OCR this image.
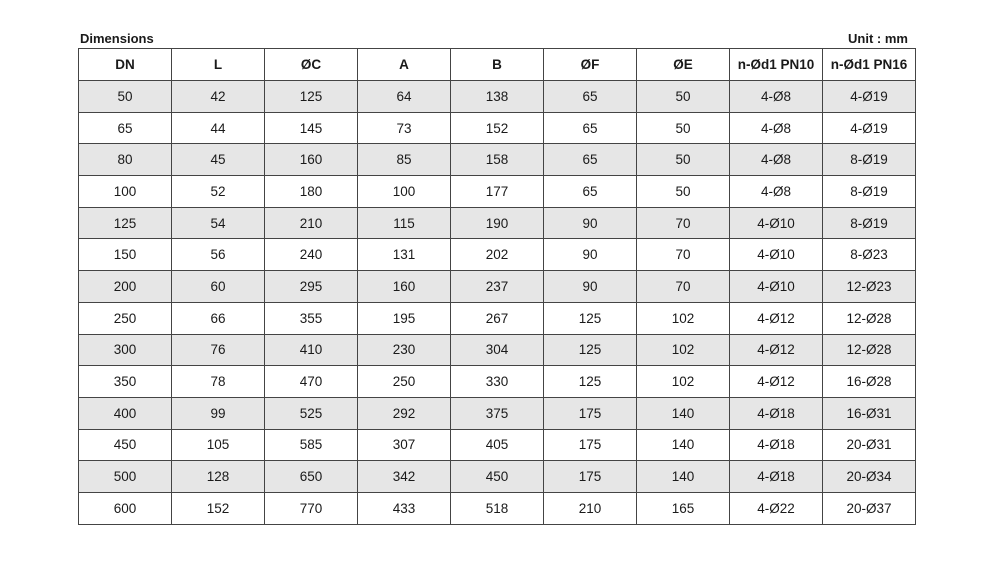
Dimensions	Unit : mm
DN	L	ØC	A	B	ØF	ØE	n-Ød1 PN10	n-Ød1 PN16
50	42	125	64	138	65	50	4-Ø8	4-Ø19
65	44	145	73	152	65	50	4-Ø8	4-Ø19
80	45	160	85	158	65	50	4-Ø8	8-Ø19
100	52	180	100	177	65	50	4-Ø8	8-Ø19
125	54	210	115	190	90	70	4-Ø10	8-Ø19
150	56	240	131	202	90	70	4-Ø10	8-Ø23
200	60	295	160	237	90	70	4-Ø10	12-Ø23
250	66	355	195	267	125	102	4-Ø12	12-Ø28
300	76	410	230	304	125	102	4-Ø12	12-Ø28
350	78	470	250	330	125	102	4-Ø12	16-Ø28
400	99	525	292	375	175	140	4-Ø18	16-Ø31
450	105	585	307	405	175	140	4-Ø18	20-Ø31
500	128	650	342	450	175	140	4-Ø18	20-Ø34
600	152	770	433	518	210	165	4-Ø22	20-Ø37
